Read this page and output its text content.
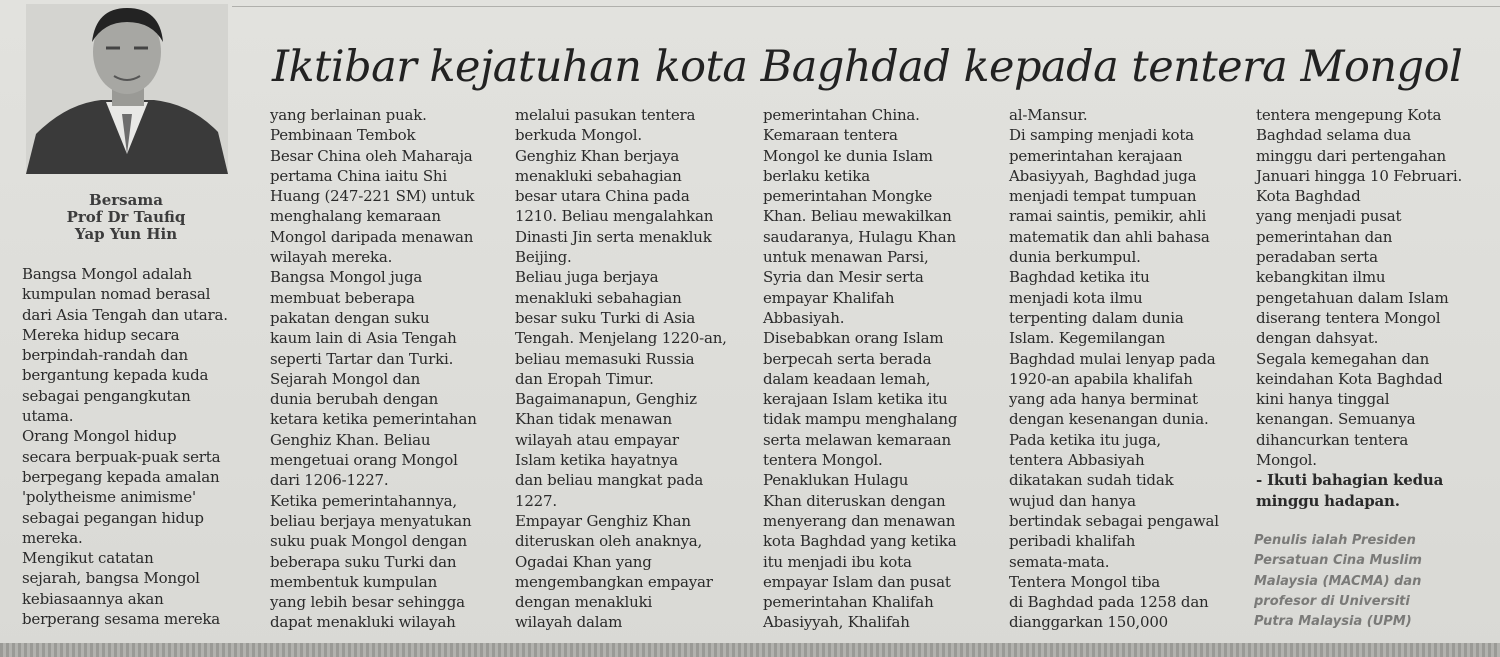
Bersama
Prof Dr Taufiq
Yap Yun Hin
Iktibar kejatuhan kota Baghdad kepada tentera Mongol
Bangsa Mongol adalah
kumpulan nomad berasal
dari Asia Tengah dan utara.
Mereka hidup secara
berpindah-randah dan
bergantung kepada kuda
sebagai pengangkutan
utama.
Orang Mongol hidup
secara berpuak-puak serta
berpegang kepada amalan
'polytheisme animisme'
sebagai pegangan hidup
mereka.
Mengikut catatan
sejarah, bangsa Mongol
kebiasaannya akan
berperang sesama mereka
yang berlainan puak.
Pembinaan Tembok
Besar China oleh Maharaja
pertama China iaitu Shi
Huang (247-221 SM) untuk
menghalang kemaraan
Mongol daripada menawan
wilayah mereka.
Bangsa Mongol juga
membuat beberapa
pakatan dengan suku
kaum lain di Asia Tengah
seperti Tartar dan Turki.
Sejarah Mongol dan
dunia berubah dengan
ketara ketika pemerintahan
Genghiz Khan. Beliau
mengetuai orang Mongol
dari 1206-1227.
Ketika pemerintahannya,
beliau berjaya menyatukan
suku puak Mongol dengan
beberapa suku Turki dan
membentuk kumpulan
yang lebih besar sehingga
dapat menakluki wilayah
melalui pasukan tentera
berkuda Mongol.
Genghiz Khan berjaya
menakluki sebahagian
besar utara China pada
1210. Beliau mengalahkan
Dinasti Jin serta menakluk
Beijing.
Beliau juga berjaya
menakluki sebahagian
besar suku Turki di Asia
Tengah. Menjelang 1220-an,
beliau memasuki Russia
dan Eropah Timur.
Bagaimanapun, Genghiz
Khan tidak menawan
wilayah atau empayar
Islam ketika hayatnya
dan beliau mangkat pada
1227.
Empayar Genghiz Khan
diteruskan oleh anaknya,
Ogadai Khan yang
mengembangkan empayar
dengan menakluki
wilayah dalam
pemerintahan China.
Kemaraan tentera
Mongol ke dunia Islam
berlaku ketika
pemerintahan Mongke
Khan. Beliau mewakilkan
saudaranya, Hulagu Khan
untuk menawan Parsi,
Syria dan Mesir serta
empayar Khalifah
Abbasiyah.
Disebabkan orang Islam
berpecah serta berada
dalam keadaan lemah,
kerajaan Islam ketika itu
tidak mampu menghalang
serta melawan kemaraan
tentera Mongol.
Penaklukan Hulagu
Khan diteruskan dengan
menyerang dan menawan
kota Baghdad yang ketika
itu menjadi ibu kota
empayar Islam dan pusat
pemerintahan Khalifah
Abasiyyah, Khalifah
al-Mansur.
Di samping menjadi kota
pemerintahan kerajaan
Abasiyyah, Baghdad juga
menjadi tempat tumpuan
ramai saintis, pemikir, ahli
matematik dan ahli bahasa
dunia berkumpul.
Baghdad ketika itu
menjadi kota ilmu
terpenting dalam dunia
Islam. Kegemilangan
Baghdad mulai lenyap pada
1920-an apabila khalifah
yang ada hanya berminat
dengan kesenangan dunia.
Pada ketika itu juga,
tentera Abbasiyah
dikatakan sudah tidak
wujud dan hanya
bertindak sebagai pengawal
peribadi khalifah
semata-mata.
Tentera Mongol tiba
di Baghdad pada 1258 dan
dianggarkan 150,000
tentera mengepung Kota
Baghdad selama dua
minggu dari pertengahan
Januari hingga 10 Februari.
Kota Baghdad
yang menjadi pusat
pemerintahan dan
peradaban serta
kebangkitan ilmu
pengetahuan dalam Islam
diserang tentera Mongol
dengan dahsyat.
Segala kemegahan dan
keindahan Kota Baghdad
kini hanya tinggal
kenangan. Semuanya
dihancurkan tentera
Mongol.
- Ikuti bahagian kedua
minggu hadapan.
Penulis ialah Presiden
Persatuan Cina Muslim
Malaysia (MACMA) dan
profesor di Universiti
Putra Malaysia (UPM)
